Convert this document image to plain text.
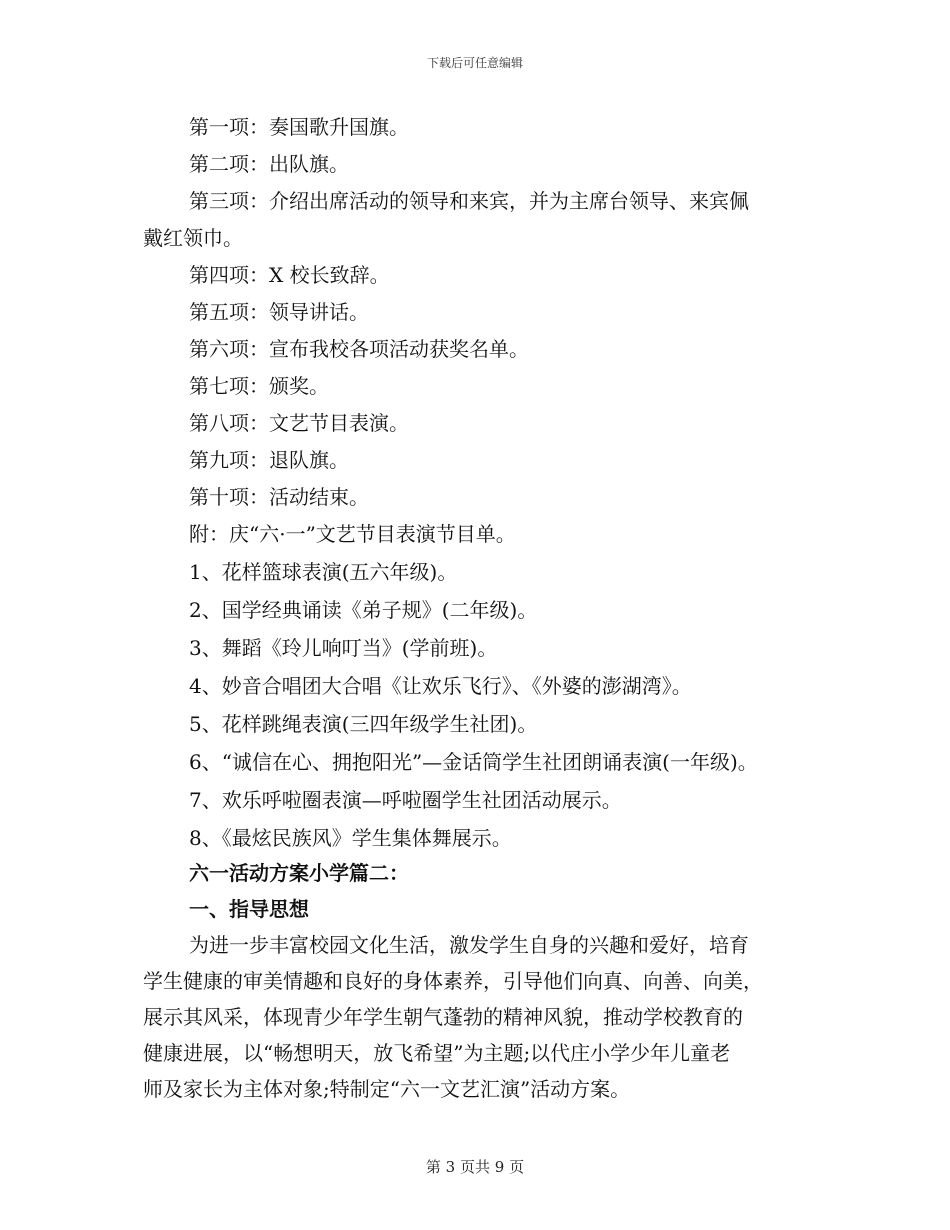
下载后可任意编辑
第一项：奏国歌升国旗。
第二项：出队旗。
第三项：介绍出席活动的领导和来宾，并为主席台领导、来宾佩
戴红领巾。
第四项：X 校长致辞。
第五项：领导讲话。
第六项：宣布我校各项活动获奖名单。
第七项：颁奖。
第八项：文艺节目表演。
第九项：退队旗。
第十项：活动结束。
附：庆“六·一”文艺节目表演节目单。
1、花样篮球表演(五六年级)。
2、国学经典诵读《弟子规》(二年级)。
3、舞蹈《玲儿响叮当》(学前班)。
4、妙音合唱团大合唱《让欢乐飞行》、《外婆的澎湖湾》。
5、花样跳绳表演(三四年级学生社团)。
6、“诚信在心、拥抱阳光”—金话筒学生社团朗诵表演(一年级)。
7、欢乐呼啦圈表演—呼啦圈学生社团活动展示。
8、《最炫民族风》学生集体舞展示。
六一活动方案小学篇二：
一、指导思想
为进一步丰富校园文化生活，激发学生自身的兴趣和爱好，培育
学生健康的审美情趣和良好的身体素养，引导他们向真、向善、向美，
展示其风采，体现青少年学生朝气蓬勃的精神风貌，推动学校教育的
健康进展，以“畅想明天，放飞希望”为主题;以代庄小学少年儿童老
师及家长为主体对象;特制定“六一文艺汇演”活动方案。
第 3 页共 9 页
